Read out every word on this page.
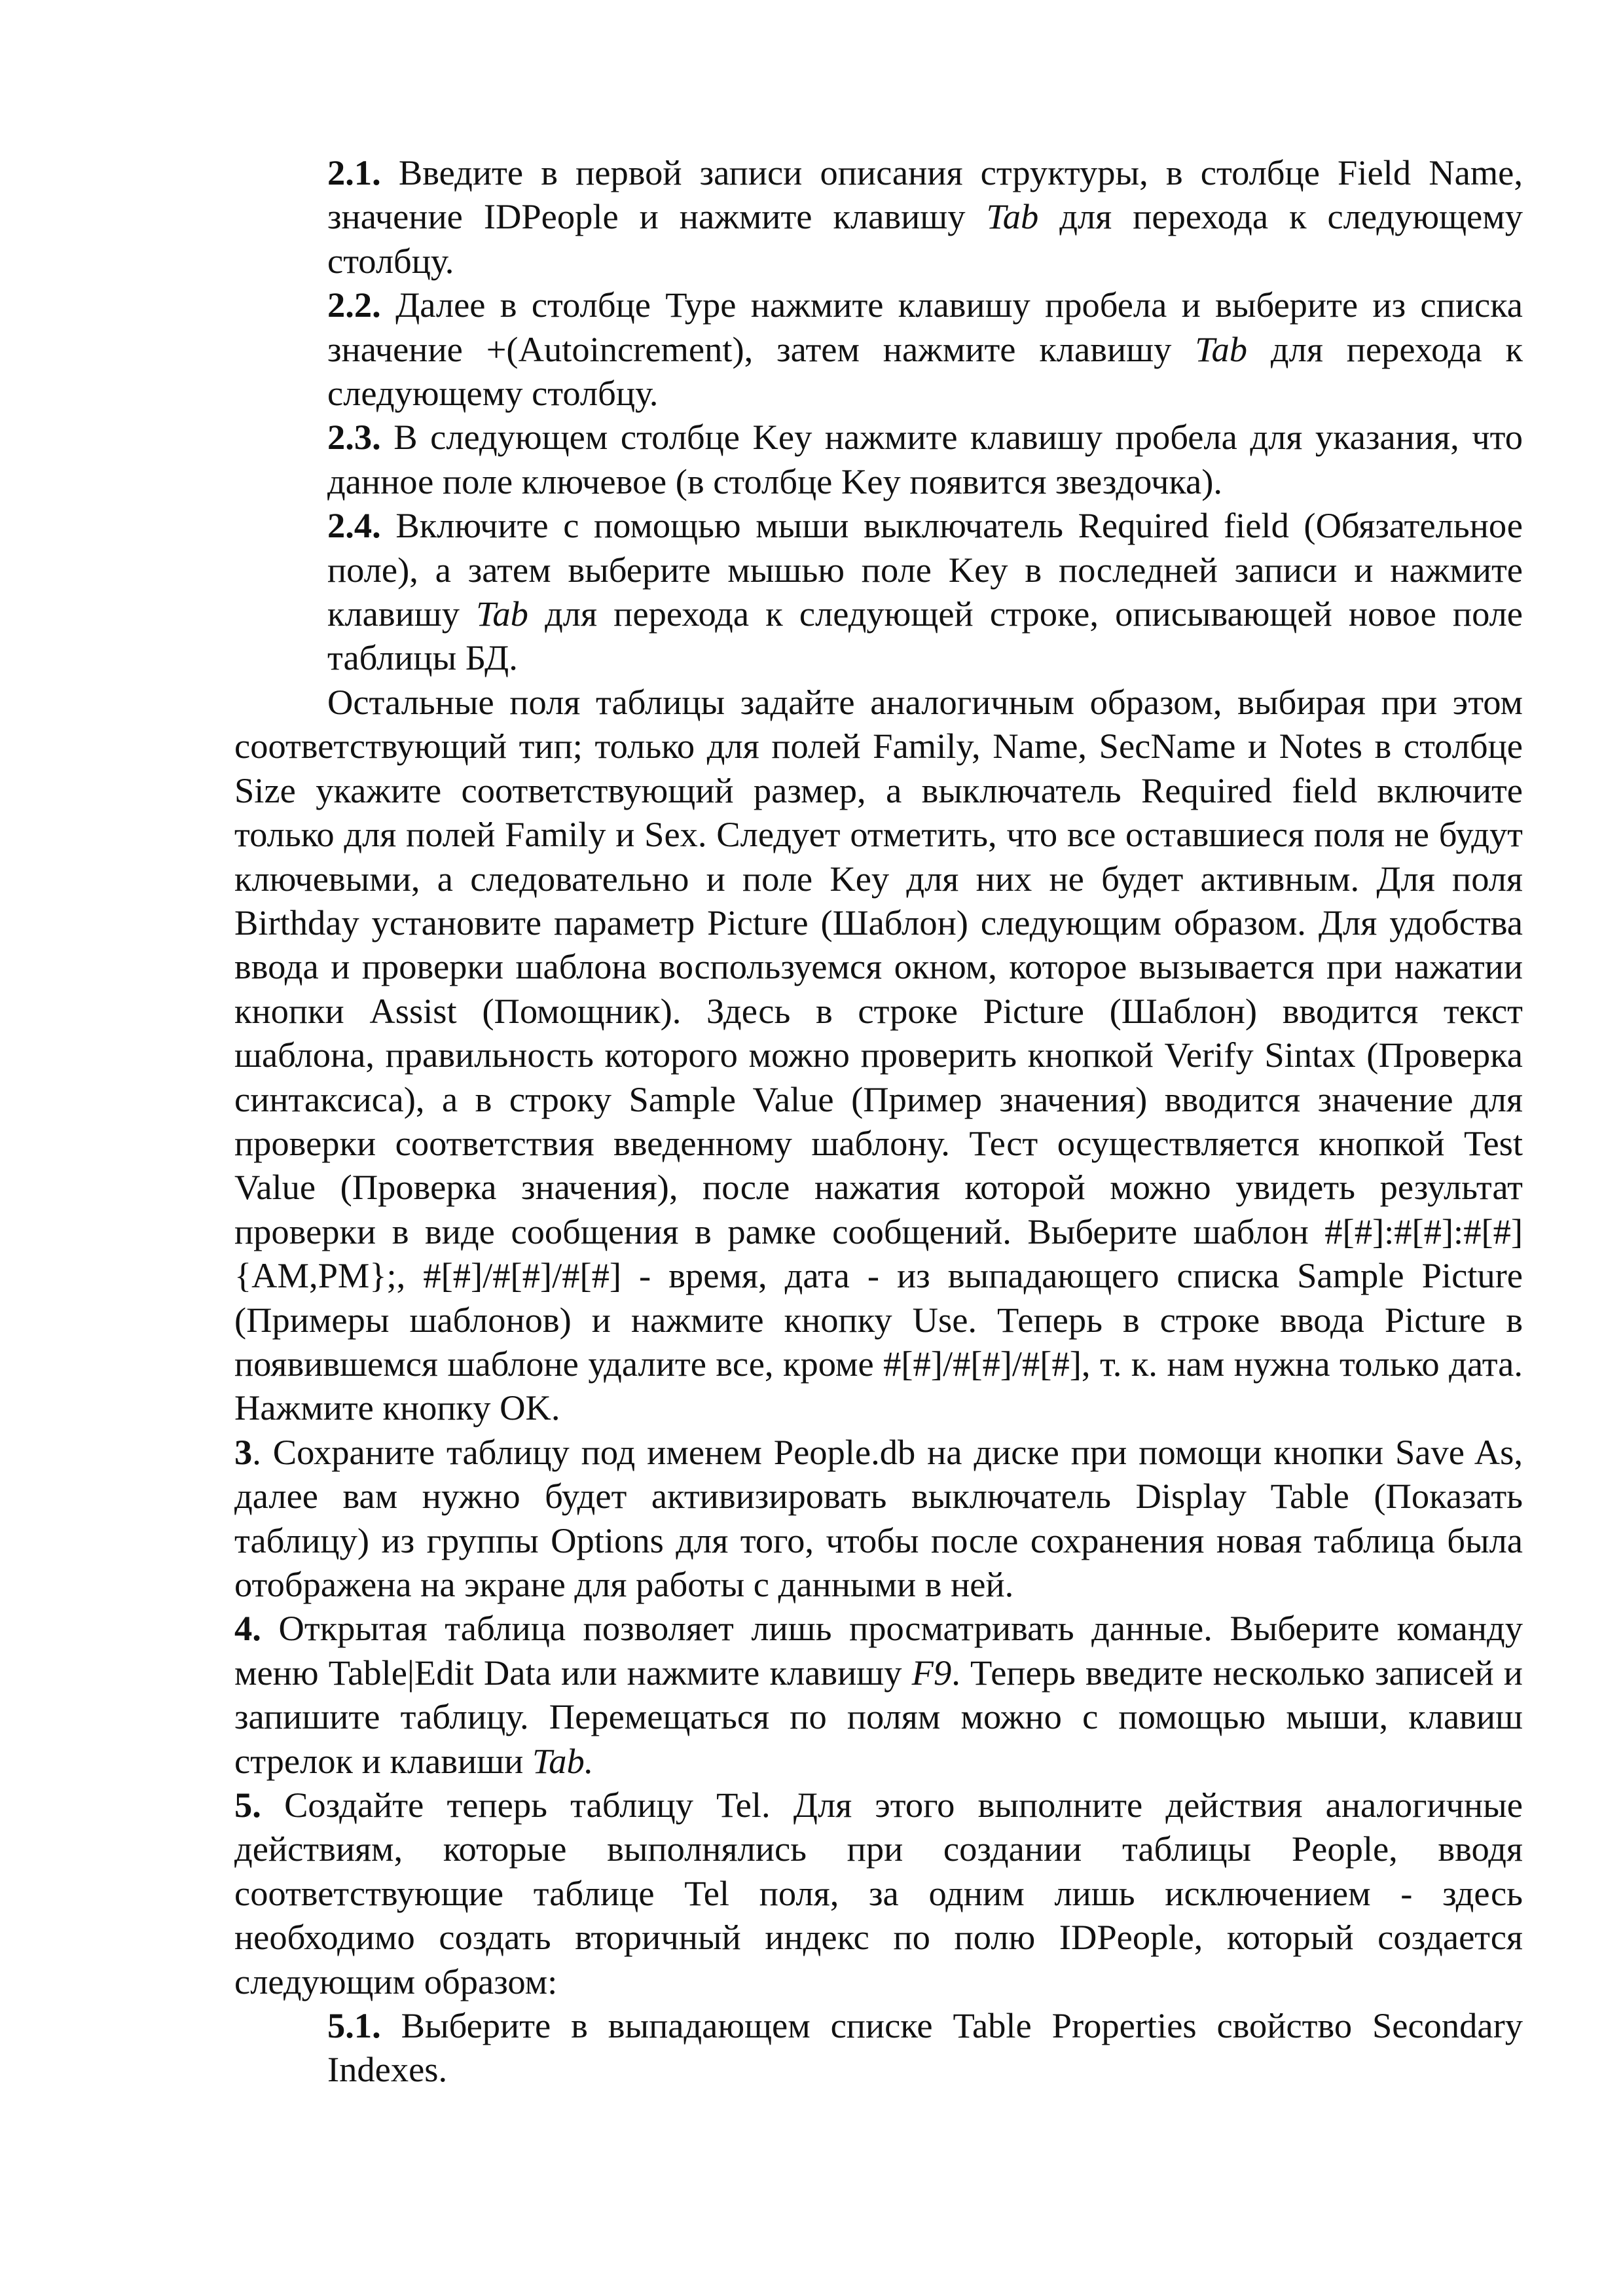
2.1. Введите в первой записи описания структуры, в столбце Field Name, значение IDPeople и нажмите клавишу Tab для перехода к следующему столбцу.

2.2. Далее в столбце Type нажмите клавишу пробела и выберите из списка значение +(Autoincrement), затем нажмите клавишу Tab для перехода к следующему столбцу.

2.3. В следующем столбце Key нажмите клавишу пробела для указания, что данное поле ключевое (в столбце Key появится звездочка).

2.4. Включите с помощью мыши выключатель Required field (Обязательное поле), а затем выберите мышью поле Key в последней записи и нажмите клавишу Tab для перехода к следующей строке, описывающей новое поле таблицы БД.

Остальные поля таблицы задайте аналогичным образом, выбирая при этом соответствующий тип; только для полей Family, Name, SecName и Notes в столбце Size укажите соответствующий размер, а выключатель Required field включите только для полей Family и Sex. Следует отметить, что все оставшиеся поля не будут ключевыми, а следовательно и поле Key для них не будет активным. Для поля Birthday установите параметр Picture (Шаблон) следующим образом. Для удобства ввода и проверки шаблона воспользуемся окном, которое вызывается при нажатии кнопки Assist (Помощник). Здесь в строке Picture (Шаблон) вводится текст шаблона, правильность которого можно проверить кнопкой Verify Sintax (Проверка синтаксиса), а в строку Sample Value (Пример значения) вводится значение для проверки соответствия введенному шаблону. Тест осуществляется кнопкой Test Value (Проверка значения), после нажатия которой можно увидеть результат проверки в виде сообщения в рамке сообщений. Выберите шаблон #[#]:#[#]:#[#] {AM,PM};, #[#]/#[#]/#[#] - время, дата - из выпадающего списка Sample Picture (Примеры шаблонов) и нажмите кнопку Use. Теперь в строке ввода Picture в появившемся шаблоне удалите все, кроме #[#]/#[#]/#[#], т. к. нам нужна только дата. Нажмите кнопку OK.

3. Сохраните таблицу под именем People.db на диске при помощи кнопки Save As, далее вам нужно будет активизировать выключатель Display Table (Показать таблицу) из группы Options для того, чтобы после сохранения новая таблица была отображена на экране для работы с данными в ней.

4. Открытая таблица позволяет лишь просматривать данные. Выберите команду меню Table|Edit Data или нажмите клавишу F9. Теперь введите несколько записей и запишите таблицу. Перемещаться по полям можно с помощью мыши, клавиш стрелок и клавиши Tab.

5. Создайте теперь таблицу Tel. Для этого выполните действия аналогичные действиям, которые выполнялись при создании таблицы People, вводя соответствующие таблице Tel поля, за одним лишь исключением - здесь необходимо создать вторичный индекс по полю IDPeople, который создается следующим образом:

5.1. Выберите в выпадающем списке Table Properties свойство Secondary Indexes.
